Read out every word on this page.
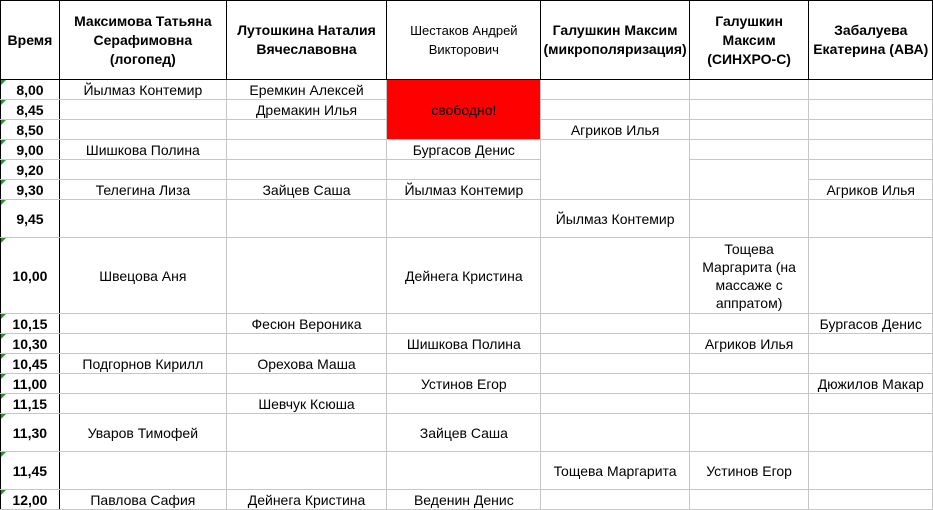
Время	Максимова Татьяна Серафимовна (логопед)	Лутошкина Наталия Вячеславовна	Шестаков Андрей Викторович	Галушкин Максим (микрополяризация)	Галушкин Максим (СИНХРО-С)	Забалуева Екатерина (АВА)
8,00	Йылмаз Контемир	Еремкин Алексей	свободно!			
8,45		Дремакин Илья				
8,50				Агриков Илья		
9,00	Шишкова Полина		Бургасов Денис			
9,20						
9,30	Телегина Лиза	Зайцев Саша	Йылмаз Контемир			Агриков Илья
9,45				Йылмаз Контемир		
10,00	Швецова Аня		Дейнега Кристина		Тощева Маргарита (на массаже с аппратом)	
10,15		Фесюн Вероника				Бургасов Денис
10,30			Шишкова Полина		Агриков Илья	
10,45	Подгорнов Кирилл	Орехова Маша				
11,00			Устинов Егор			Дюжилов Макар
11,15		Шевчук Ксюша				
11,30	Уваров Тимофей		Зайцев Саша			
11,45				Тощева Маргарита	Устинов Егор	
12,00	Павлова Сафия	Дейнега Кристина	Веденин Денис			
